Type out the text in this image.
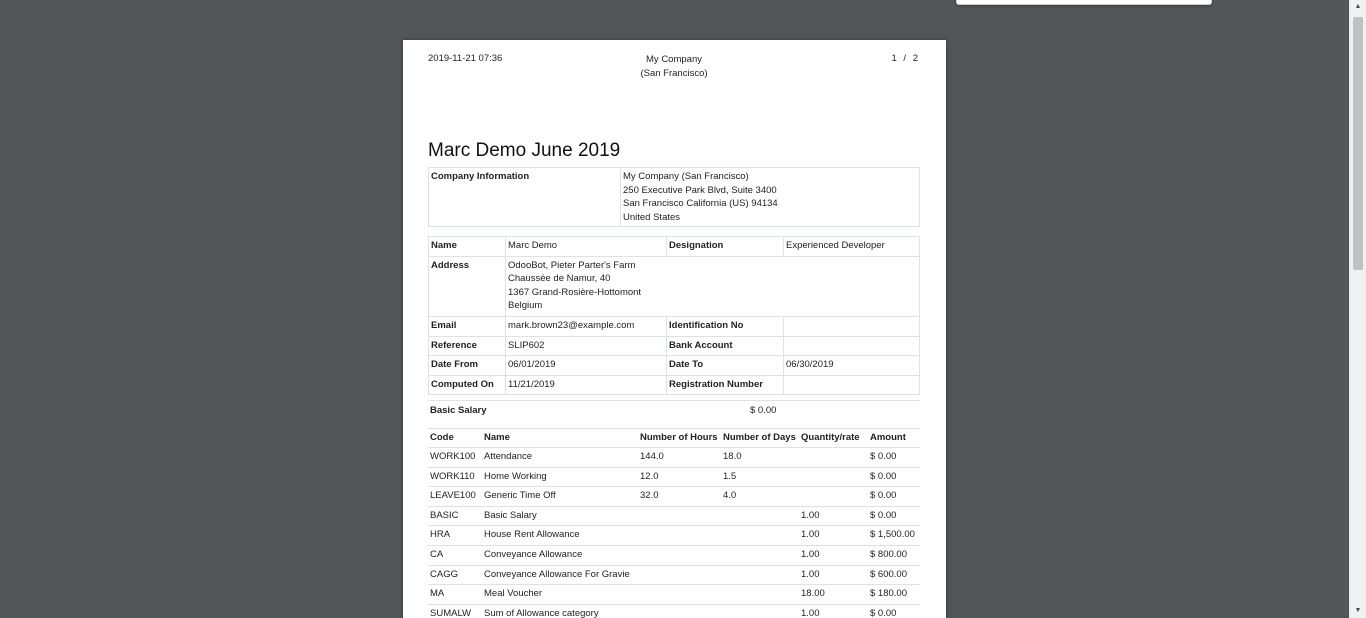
2019-11-21 07:36	My Company
(San Francisco)
1 / 2
Marc Demo June 2019
Company Information	My Company (San Francisco)
250 Executive Park Blvd, Suite 3400
San Francisco California (US) 94134
United States
Name	Marc Demo	Designation	Experienced Developer
Address	OdooBot, Pieter Parter's Farm
Chaussée de Namur, 40
1367 Grand-Rosière-Hottomont
Belgium		

Email	mark.brown23@example.com	Identification No	
Reference	SLIP602	Bank Account	
Date From	06/01/2019	Date To	06/30/2019
Computed On	11/21/2019	Registration Number	
Basic Salary	$ 0.00
Code	Name	Number of Hours	Number of Days	Quantity/rate	Amount
WORK100	Attendance	144.0	18.0		$ 0.00
WORK110	Home Working	12.0	1.5		$ 0.00
LEAVE100	Generic Time Off	32.0	4.0		$ 0.00
BASIC	Basic Salary			1.00	$ 0.00
HRA	House Rent Allowance			1.00	$ 1,500.00
CA	Conveyance Allowance			1.00	$ 800.00
CAGG	Conveyance Allowance For Gravie			1.00	$ 600.00
MA	Meal Voucher			18.00	$ 180.00
SUMALW	Sum of Allowance category			1.00	$ 0.00
▲
▼
